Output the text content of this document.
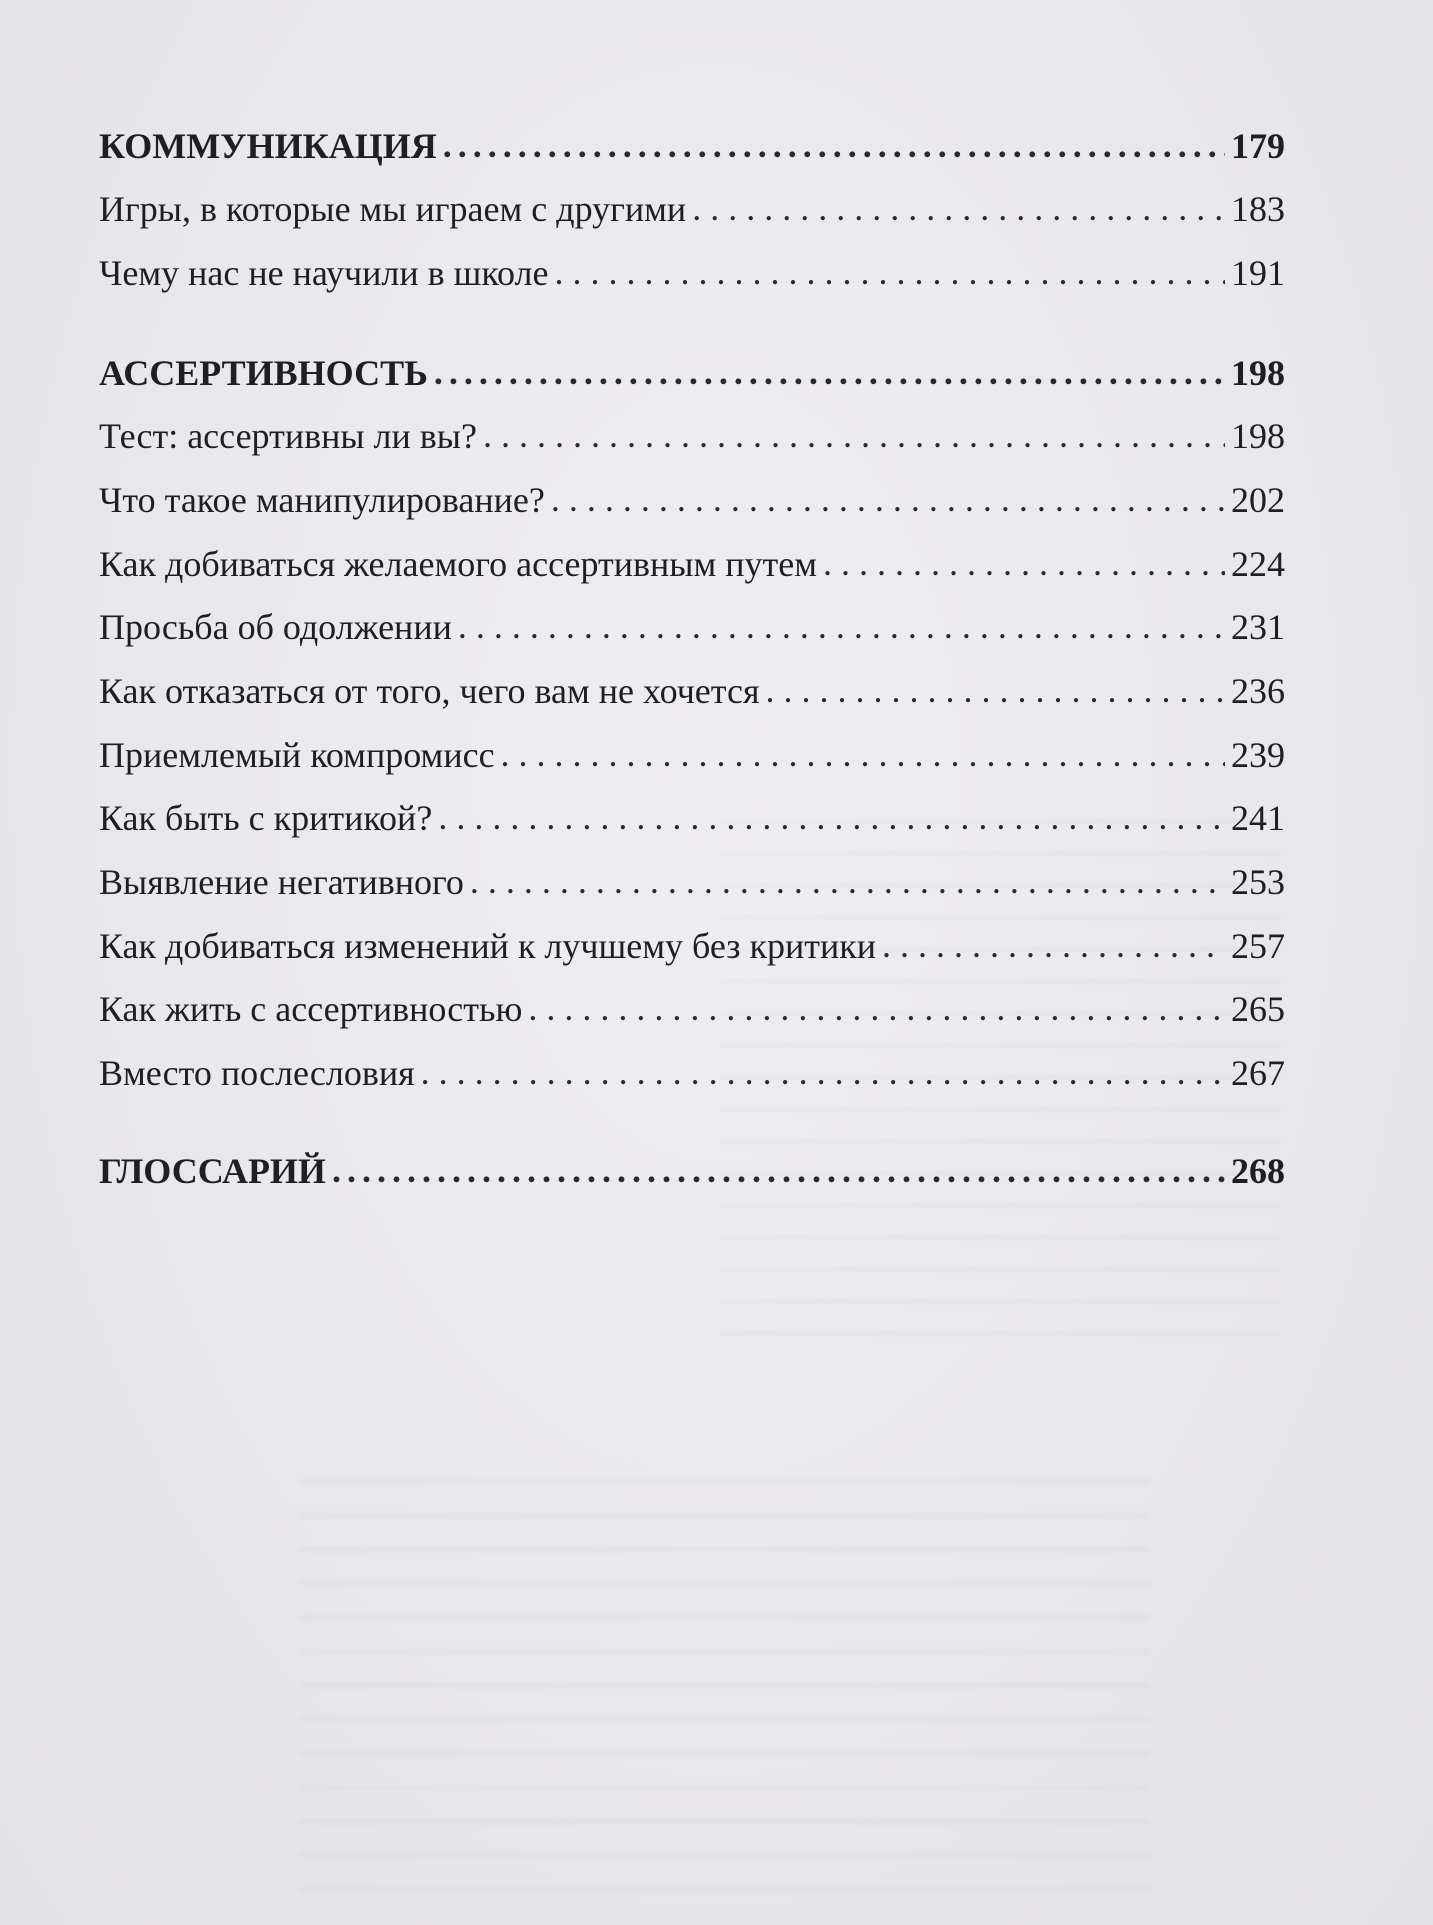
КОММУНИКАЦИЯ .....	179
Игры, в которые мы играем с другими . . .	183
Чему нас не научили в школе . . .	191
АССЕРТИВНОСТЬ .....	198
Тест: ассертивны ли вы? . . .	198
Что такое манипулирование? . . .	202
Как добиваться желаемого ассертивным путем . . .	224
Просьба об одолжении . . .	231
Как отказаться от того, чего вам не хочется . . .	236
Приемлемый компромисс . . .	239
Как быть с критикой? . . .	241
Выявление негативного . . .	253
Как добиваться изменений к лучшему без критики . . .	257
Как жить с ассертивностью . . .	265
Вместо послесловия . . .	267
ГЛОССАРИЙ .....	268
